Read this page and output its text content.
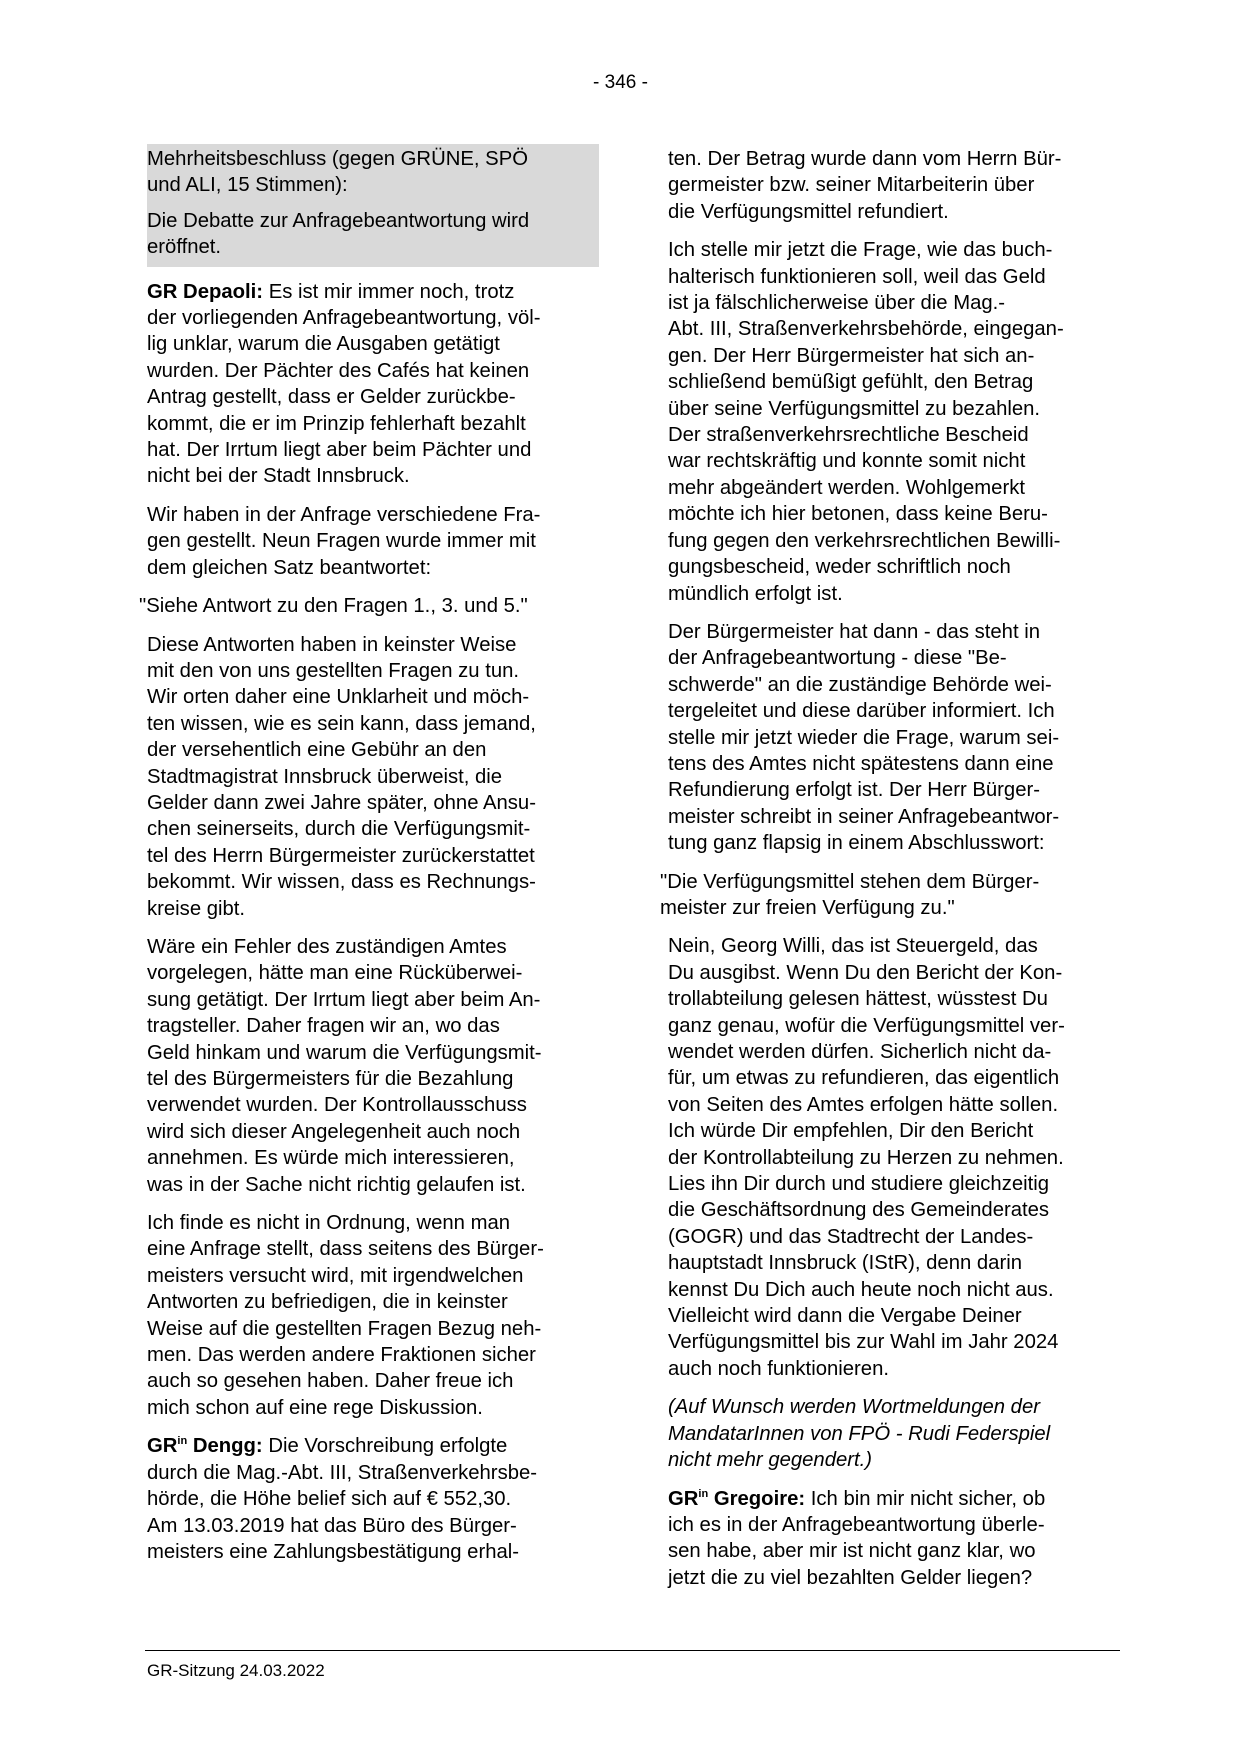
- 346 -

Mehrheitsbeschluss (gegen GRÜNE, SPÖ
und ALI, 15 Stimmen):

Die Debatte zur Anfragebeantwortung wird
eröffnet.

GR Depaoli: Es ist mir immer noch, trotz
der vorliegenden Anfragebeantwortung, völ-
lig unklar, warum die Ausgaben getätigt
wurden. Der Pächter des Cafés hat keinen
Antrag gestellt, dass er Gelder zurückbe-
kommt, die er im Prinzip fehlerhaft bezahlt
hat. Der Irrtum liegt aber beim Pächter und
nicht bei der Stadt Innsbruck.

Wir haben in der Anfrage verschiedene Fra-
gen gestellt. Neun Fragen wurde immer mit
dem gleichen Satz beantwortet:

"Siehe Antwort zu den Fragen 1., 3. und 5."

Diese Antworten haben in keinster Weise
mit den von uns gestellten Fragen zu tun.
Wir orten daher eine Unklarheit und möch-
ten wissen, wie es sein kann, dass jemand,
der versehentlich eine Gebühr an den
Stadtmagistrat Innsbruck überweist, die
Gelder dann zwei Jahre später, ohne Ansu-
chen seinerseits, durch die Verfügungsmit-
tel des Herrn Bürgermeister zurückerstattet
bekommt. Wir wissen, dass es Rechnungs-
kreise gibt.

Wäre ein Fehler des zuständigen Amtes
vorgelegen, hätte man eine Rücküberwei-
sung getätigt. Der Irrtum liegt aber beim An-
tragsteller. Daher fragen wir an, wo das
Geld hinkam und warum die Verfügungsmit-
tel des Bürgermeisters für die Bezahlung
verwendet wurden. Der Kontrollausschuss
wird sich dieser Angelegenheit auch noch
annehmen. Es würde mich interessieren,
was in der Sache nicht richtig gelaufen ist.

Ich finde es nicht in Ordnung, wenn man
eine Anfrage stellt, dass seitens des Bürger-
meisters versucht wird, mit irgendwelchen
Antworten zu befriedigen, die in keinster
Weise auf die gestellten Fragen Bezug neh-
men. Das werden andere Fraktionen sicher
auch so gesehen haben. Daher freue ich
mich schon auf eine rege Diskussion.

$GR^{in}$ Dengg: Die Vorschreibung erfolgte
durch die Mag.-Abt. III, Straßenverkehrsbe-
hörde, die Höhe belief sich auf € 552,30.
Am 13.03.2019 hat das Büro des Bürger-
meisters eine Zahlungsbestätigung erhal-

ten. Der Betrag wurde dann vom Herrn Bür-
germeister bzw. seiner Mitarbeiterin über
die Verfügungsmittel refundiert.

Ich stelle mir jetzt die Frage, wie das buch-
halterisch funktionieren soll, weil das Geld
ist ja fälschlicherweise über die Mag.-
Abt. III, Straßenverkehrsbehörde, eingegan-
gen. Der Herr Bürgermeister hat sich an-
schließend bemüßigt gefühlt, den Betrag
über seine Verfügungsmittel zu bezahlen.
Der straßenverkehrsrechtliche Bescheid
war rechtskräftig und konnte somit nicht
mehr abgeändert werden. Wohlgemerkt
möchte ich hier betonen, dass keine Beru-
fung gegen den verkehrsrechtlichen Bewilli-
gungsbescheid, weder schriftlich noch
mündlich erfolgt ist.

Der Bürgermeister hat dann - das steht in
der Anfragebeantwortung - diese "Be-
schwerde" an die zuständige Behörde wei-
tergeleitet und diese darüber informiert. Ich
stelle mir jetzt wieder die Frage, warum sei-
tens des Amtes nicht spätestens dann eine
Refundierung erfolgt ist. Der Herr Bürger-
meister schreibt in seiner Anfragebeantwor-
tung ganz flapsig in einem Abschlusswort:

"Die Verfügungsmittel stehen dem Bürger-
meister zur freien Verfügung zu."

Nein, Georg Willi, das ist Steuergeld, das
Du ausgibst. Wenn Du den Bericht der Kon-
trollabteilung gelesen hättest, wüsstest Du
ganz genau, wofür die Verfügungsmittel ver-
wendet werden dürfen. Sicherlich nicht da-
für, um etwas zu refundieren, das eigentlich
von Seiten des Amtes erfolgen hätte sollen.
Ich würde Dir empfehlen, Dir den Bericht
der Kontrollabteilung zu Herzen zu nehmen.
Lies ihn Dir durch und studiere gleichzeitig
die Geschäftsordnung des Gemeinderates
(GOGR) und das Stadtrecht der Landes-
hauptstadt Innsbruck (IStR), denn darin
kennst Du Dich auch heute noch nicht aus.
Vielleicht wird dann die Vergabe Deiner
Verfügungsmittel bis zur Wahl im Jahr 2024
auch noch funktionieren.

(Auf Wunsch werden Wortmeldungen der
MandatarInnen von FPÖ - Rudi Federspiel
nicht mehr gegendert.)

$GR^{in}$ Gregoire: Ich bin mir nicht sicher, ob
ich es in der Anfragebeantwortung überle-
sen habe, aber mir ist nicht ganz klar, wo
jetzt die zu viel bezahlten Gelder liegen?

GR-Sitzung 24.03.2022
